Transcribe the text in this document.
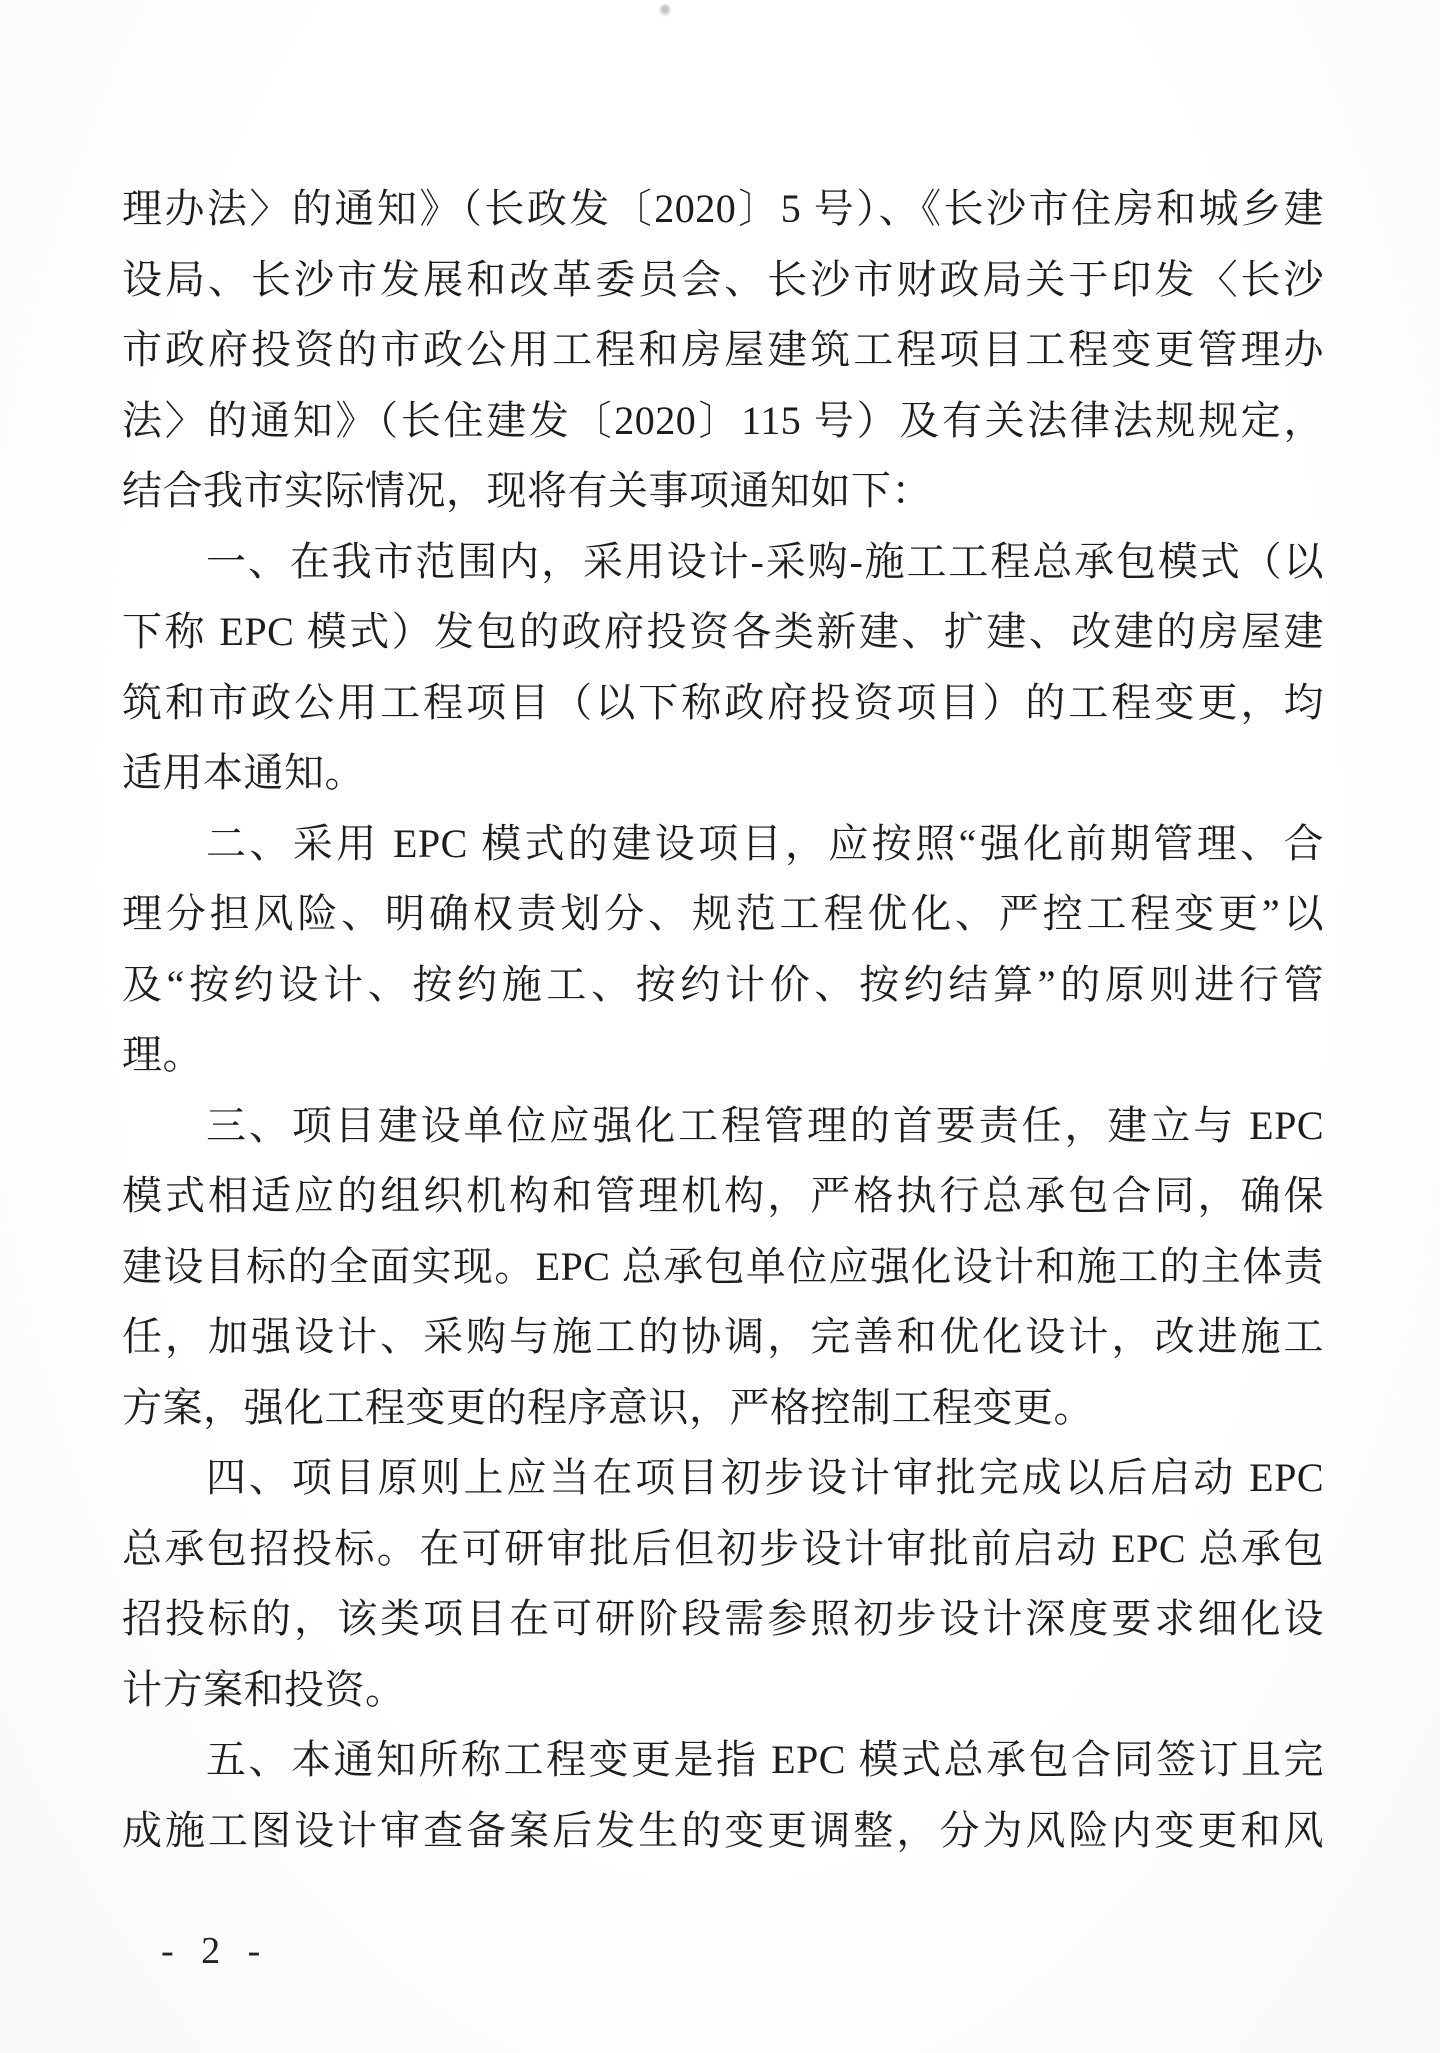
理办法〉的通知》（长政发〔2020〕5 号）、《长沙市住房和城乡建
设局、长沙市发展和改革委员会、长沙市财政局关于印发〈长沙
市政府投资的市政公用工程和房屋建筑工程项目工程变更管理办
法〉的通知》（长住建发〔2020〕115 号）及有关法律法规规定，
结合我市实际情况，现将有关事项通知如下：
一、在我市范围内，采用设计-采购-施工工程总承包模式（以
下称 EPC 模式）发包的政府投资各类新建、扩建、改建的房屋建
筑和市政公用工程项目（以下称政府投资项目）的工程变更，均
适用本通知。
二、采用 EPC 模式的建设项目，应按照“强化前期管理、合
理分担风险、明确权责划分、规范工程优化、严控工程变更”以
及“按约设计、按约施工、按约计价、按约结算”的原则进行管
理。
三、项目建设单位应强化工程管理的首要责任，建立与 EPC
模式相适应的组织机构和管理机构，严格执行总承包合同，确保
建设目标的全面实现。EPC 总承包单位应强化设计和施工的主体责
任，加强设计、采购与施工的协调，完善和优化设计，改进施工
方案，强化工程变更的程序意识，严格控制工程变更。
四、项目原则上应当在项目初步设计审批完成以后启动 EPC
总承包招投标。在可研审批后但初步设计审批前启动 EPC 总承包
招投标的，该类项目在可研阶段需参照初步设计深度要求细化设
计方案和投资。
五、本通知所称工程变更是指 EPC 模式总承包合同签订且完
成施工图设计审查备案后发生的变更调整，分为风险内变更和风
- 2 -
